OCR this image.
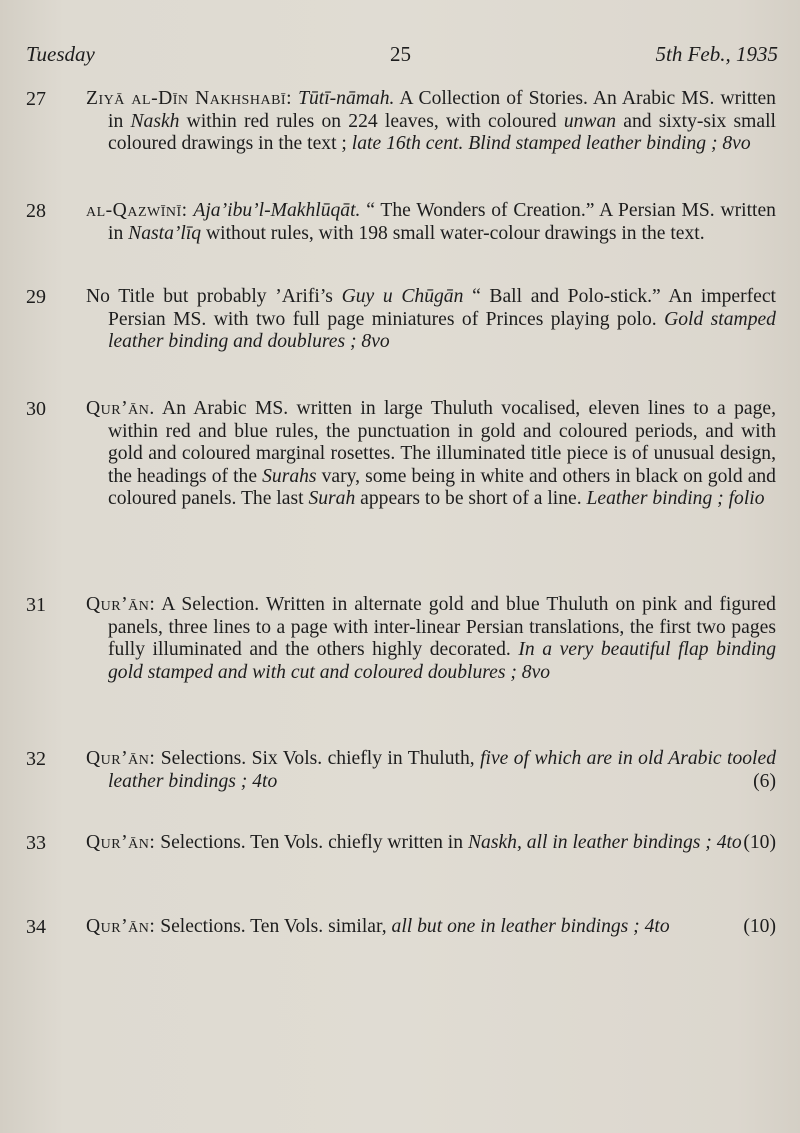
Tuesday	25	5th Feb., 1935
27	Ziyā al-Dīn Nakhshabī: Tūtī-nāmah. A Collection of Stories. An Arabic MS. written in Naskh within red rules on 224 leaves, with coloured unwan and sixty-six small coloured drawings in the text ; late 16th cent. Blind stamped leather binding ; 8vo
28	al-Qazwīnī: Aja’ibu’l-Makhlūqāt. “ The Wonders of Creation.” A Persian MS. written in Nasta’līq without rules, with 198 small water-colour drawings in the text.
29	No Title but probably ’Arifi’s Guy u Chūgān “ Ball and Polo-stick.” An imperfect Persian MS. with two full page miniatures of Princes playing polo. Gold stamped leather binding and doublures ; 8vo
30	Qur’ān. An Arabic MS. written in large Thuluth vocalised, eleven lines to a page, within red and blue rules, the punctuation in gold and coloured periods, and with gold and coloured marginal rosettes. The illuminated title piece is of unusual design, the headings of the Surahs vary, some being in white and others in black on gold and coloured panels. The last Surah appears to be short of a line. Leather binding ; folio
31	Qur’ān: A Selection. Written in alternate gold and blue Thuluth on pink and figured panels, three lines to a page with inter-linear Persian translations, the first two pages fully illuminated and the others highly decorated. In a very beautiful flap binding gold stamped and with cut and coloured doublures ; 8vo
32	Qur’ān: Selections. Six Vols. chiefly in Thuluth, five of which are in old Arabic tooled leather bindings ; 4to	(6)
33	Qur’ān: Selections. Ten Vols. chiefly written in Naskh, all in leather bindings ; 4to (10)
34	Qur’ān: Selections. Ten Vols. similar, all but one in leather bindings ; 4to	(10)
